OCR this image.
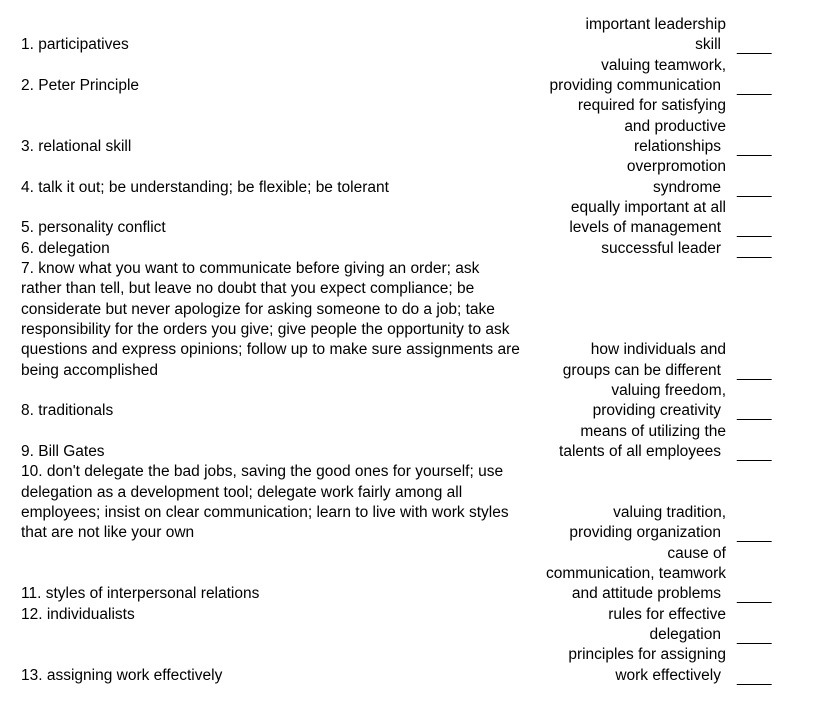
1. participatives
2. Peter Principle
3. relational skill
4. talk it out; be understanding; be flexible; be tolerant
5. personality conflict
6. delegation
7. know what you want to communicate before giving an order; ask
rather than tell, but leave no doubt that you expect compliance; be
considerate but never apologize for asking someone to do a job; take
responsibility for the orders you give; give people the opportunity to ask
questions and express opinions; follow up to make sure assignments are
being accomplished
8. traditionals
9. Bill Gates
10. don't delegate the bad jobs, saving the good ones for yourself; use
delegation as a development tool; delegate work fairly among all
employees; insist on clear communication; learn to live with work styles
that are not like your own
11. styles of interpersonal relations
12. individualists
13. assigning work effectively
important leadership
skill ____
valuing teamwork,
providing communication ____
required for satisfying
and productive
relationships ____
overpromotion
syndrome ____
equally important at all
levels of management ____
successful leader ____
how individuals and
groups can be different ____
valuing freedom,
providing creativity ____
means of utilizing the
talents of all employees ____
valuing tradition,
providing organization ____
cause of
communication, teamwork
and attitude problems ____
rules for effective
delegation ____
principles for assigning
work effectively ____
